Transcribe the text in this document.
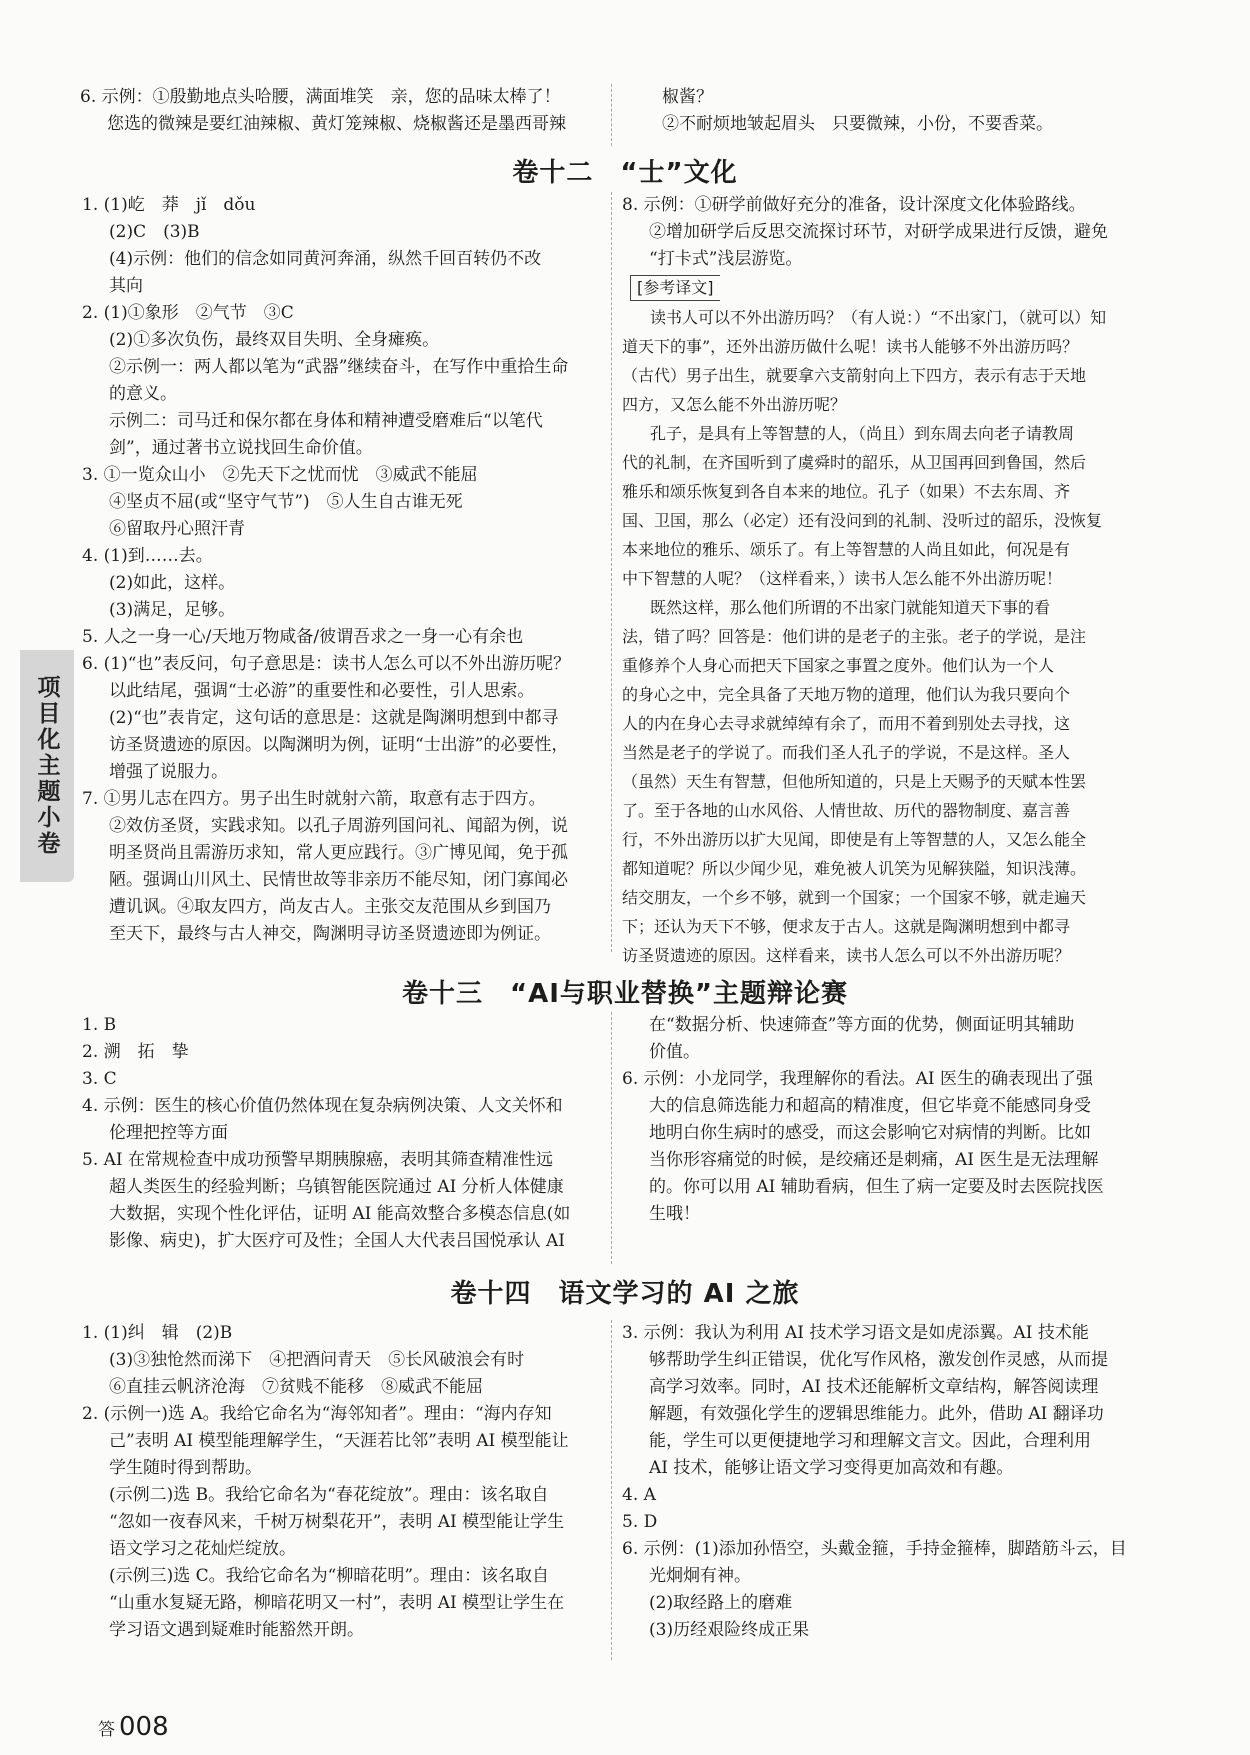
6. 示例：①殷勤地点头哈腰，满面堆笑　亲，您的品味太棒了！
您选的微辣是要红油辣椒、黄灯笼辣椒、烧椒酱还是墨西哥辣
椒酱？
②不耐烦地皱起眉头　只要微辣，小份，不要香菜。
卷十二　“士”文化
1. (1)屹　莽　jǐ　dǒu
(2)C　(3)B
(4)示例：他们的信念如同黄河奔涌，纵然千回百转仍不改
其向
2. (1)①象形　②气节　③C
(2)①多次负伤，最终双目失明、全身瘫痪。
②示例一：两人都以笔为“武器”继续奋斗，在写作中重拾生命
的意义。
示例二：司马迁和保尔都在身体和精神遭受磨难后“以笔代
剑”，通过著书立说找回生命价值。
3. ①一览众山小　②先天下之忧而忧　③威武不能屈
④坚贞不屈(或“坚守气节”)　⑤人生自古谁无死
⑥留取丹心照汗青
4. (1)到……去。
(2)如此，这样。
(3)满足，足够。
5. 人之一身一心/天地万物咸备/彼谓吾求之一身一心有余也
6. (1)“也”表反问，句子意思是：读书人怎么可以不外出游历呢？
以此结尾，强调“士必游”的重要性和必要性，引人思索。
(2)“也”表肯定，这句话的意思是：这就是陶渊明想到中都寻
访圣贤遗迹的原因。以陶渊明为例，证明“士出游”的必要性，
增强了说服力。
7. ①男儿志在四方。男子出生时就射六箭，取意有志于四方。
②效仿圣贤，实践求知。以孔子周游列国问礼、闻韶为例，说
明圣贤尚且需游历求知，常人更应践行。③广博见闻，免于孤
陋。强调山川风土、民情世故等非亲历不能尽知，闭门寡闻必
遭讥讽。④取友四方，尚友古人。主张交友范围从乡到国乃
至天下，最终与古人神交，陶渊明寻访圣贤遗迹即为例证。
8. 示例：①研学前做好充分的准备，设计深度文化体验路线。
②增加研学后反思交流探讨环节，对研学成果进行反馈，避免
“打卡式”浅层游览。
[参考译文]
读书人可以不外出游历吗？（有人说：）“不出家门，（就可以）知
道天下的事”，还外出游历做什么呢！读书人能够不外出游历吗？
（古代）男子出生，就要拿六支箭射向上下四方，表示有志于天地
四方，又怎么能不外出游历呢？
孔子，是具有上等智慧的人，（尚且）到东周去向老子请教周
代的礼制，在齐国听到了虞舜时的韶乐，从卫国再回到鲁国，然后
雅乐和颂乐恢复到各自本来的地位。孔子（如果）不去东周、齐
国、卫国，那么（必定）还有没问到的礼制、没听过的韶乐，没恢复
本来地位的雅乐、颂乐了。有上等智慧的人尚且如此，何况是有
中下智慧的人呢？（这样看来，）读书人怎么能不外出游历呢！
既然这样，那么他们所谓的不出家门就能知道天下事的看
法，错了吗？回答是：他们讲的是老子的主张。老子的学说，是注
重修养个人身心而把天下国家之事置之度外。他们认为一个人
的身心之中，完全具备了天地万物的道理，他们认为我只要向个
人的内在身心去寻求就绰绰有余了，而用不着到别处去寻找，这
当然是老子的学说了。而我们圣人孔子的学说，不是这样。圣人
（虽然）天生有智慧，但他所知道的，只是上天赐予的天赋本性罢
了。至于各地的山水风俗、人情世故、历代的器物制度、嘉言善
行，不外出游历以扩大见闻，即使是有上等智慧的人，又怎么能全
都知道呢？所以少闻少见，难免被人讥笑为见解狭隘，知识浅薄。
结交朋友，一个乡不够，就到一个国家；一个国家不够，就走遍天
下；还认为天下不够，便求友于古人。这就是陶渊明想到中都寻
访圣贤遗迹的原因。这样看来，读书人怎么可以不外出游历呢？
卷十三　“AI与职业替换”主题辩论赛
1. B
2. 溯　拓　挚
3. C
4. 示例：医生的核心价值仍然体现在复杂病例决策、人文关怀和
伦理把控等方面
5. AI 在常规检查中成功预警早期胰腺癌，表明其筛查精准性远
超人类医生的经验判断；乌镇智能医院通过 AI 分析人体健康
大数据，实现个性化评估，证明 AI 能高效整合多模态信息(如
影像、病史)，扩大医疗可及性；全国人大代表吕国悦承认 AI
在“数据分析、快速筛查”等方面的优势，侧面证明其辅助
价值。
6. 示例：小龙同学，我理解你的看法。AI 医生的确表现出了强
大的信息筛选能力和超高的精准度，但它毕竟不能感同身受
地明白你生病时的感受，而这会影响它对病情的判断。比如
当你形容痛觉的时候，是绞痛还是刺痛，AI 医生是无法理解
的。你可以用 AI 辅助看病，但生了病一定要及时去医院找医
生哦！
卷十四　语文学习的 AI 之旅
1. (1)纠　辑　(2)B
(3)③独怆然而涕下　④把酒问青天　⑤长风破浪会有时
⑥直挂云帆济沧海　⑦贫贱不能移　⑧威武不能屈
2. (示例一)选 A。我给它命名为“海邻知者”。理由：“海内存知
己”表明 AI 模型能理解学生，“天涯若比邻”表明 AI 模型能让
学生随时得到帮助。
(示例二)选 B。我给它命名为“春花绽放”。理由：该名取自
“忽如一夜春风来，千树万树梨花开”，表明 AI 模型能让学生
语文学习之花灿烂绽放。
(示例三)选 C。我给它命名为“柳暗花明”。理由：该名取自
“山重水复疑无路，柳暗花明又一村”，表明 AI 模型让学生在
学习语文遇到疑难时能豁然开朗。
3. 示例：我认为利用 AI 技术学习语文是如虎添翼。AI 技术能
够帮助学生纠正错误，优化写作风格，激发创作灵感，从而提
高学习效率。同时，AI 技术还能解析文章结构，解答阅读理
解题，有效强化学生的逻辑思维能力。此外，借助 AI 翻译功
能，学生可以更便捷地学习和理解文言文。因此，合理利用
AI 技术，能够让语文学习变得更加高效和有趣。
4. A
5. D
6. 示例：(1)添加孙悟空，头戴金箍，手持金箍棒，脚踏筋斗云，目
光炯炯有神。
(2)取经路上的磨难
(3)历经艰险终成正果
项目化主题小卷
答 008
